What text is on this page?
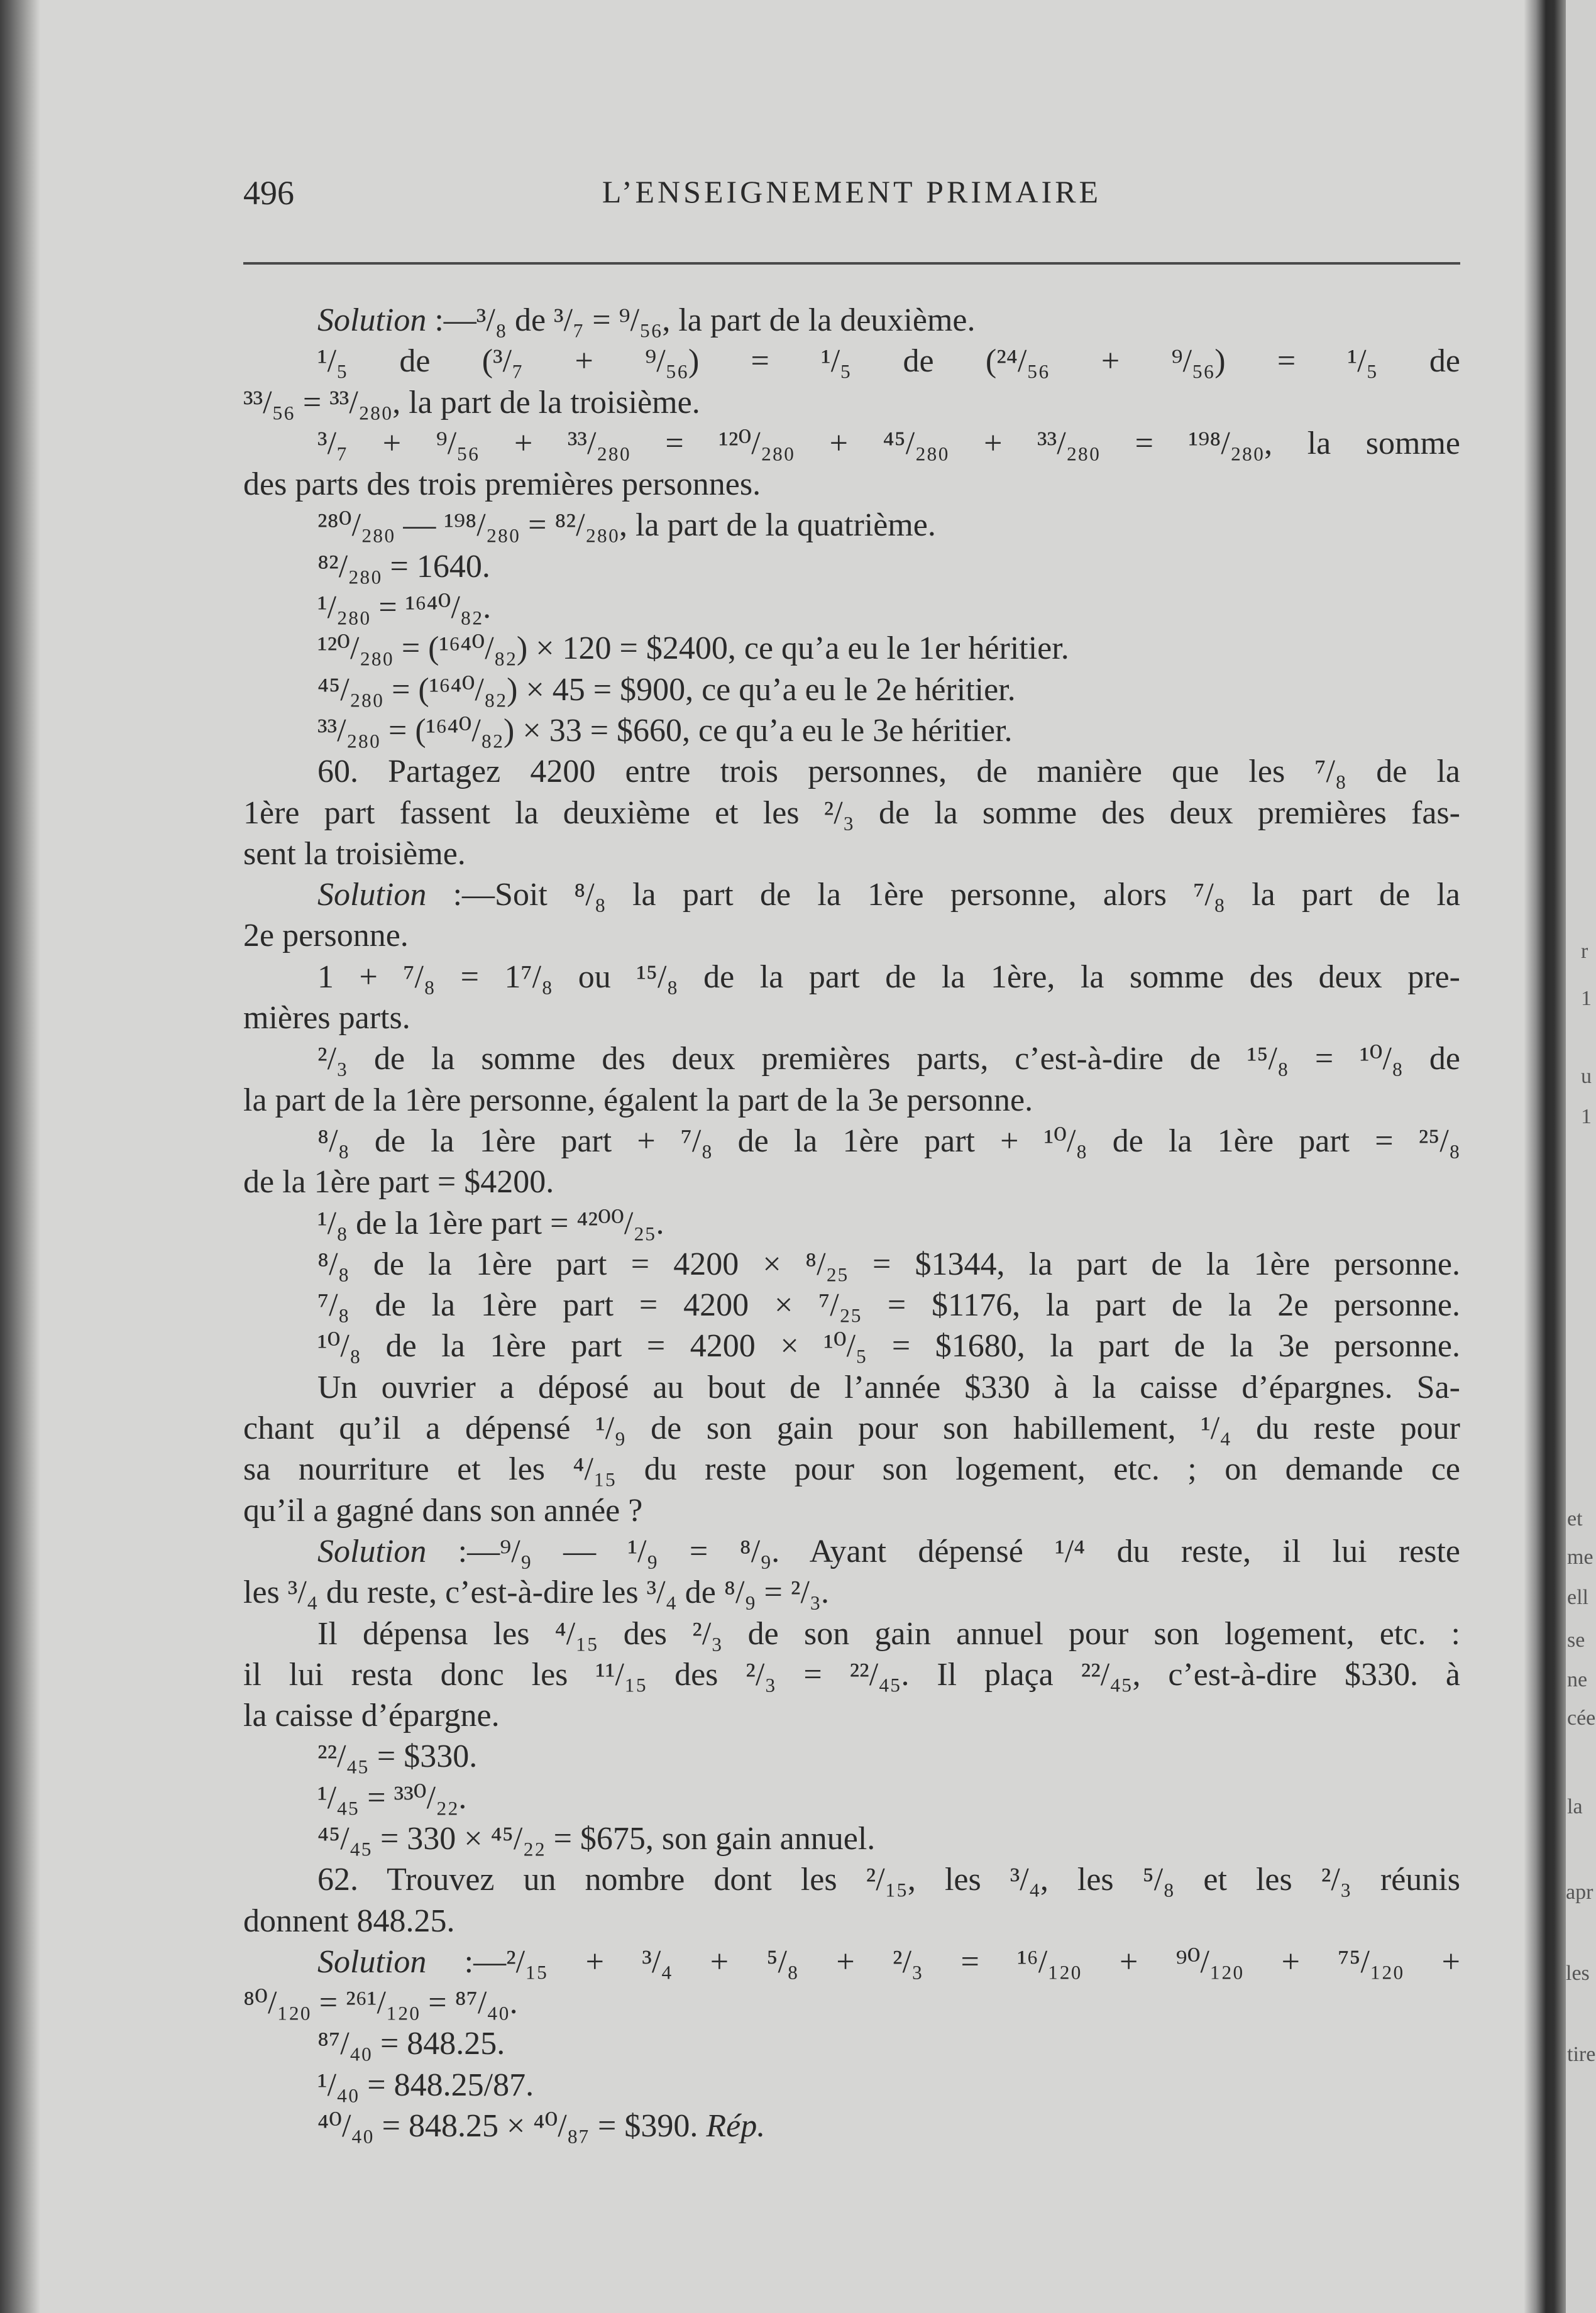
496	L’ENSEIGNEMENT PRIMAIRE
Solution :—³/₈ de ³/₇ = ⁹/₅₆, la part de la deuxième.
¹/₅ de (³/₇ + ⁹/₅₆) = ¹/₅ de (²⁴/₅₆ + ⁹/₅₆) = ¹/₅ de
³³/₅₆ = ³³/₂₈₀, la part de la troisième.
³/₇ + ⁹/₅₆ + ³³/₂₈₀ = ¹²⁰/₂₈₀ + ⁴⁵/₂₈₀ + ³³/₂₈₀ = ¹⁹⁸/₂₈₀, la somme
des parts des trois premières personnes.
²⁸⁰/₂₈₀ — ¹⁹⁸/₂₈₀ = ⁸²/₂₈₀, la part de la quatrième.
⁸²/₂₈₀ = 1640.
¹/₂₈₀ = ¹⁶⁴⁰/₈₂.
¹²⁰/₂₈₀ = (¹⁶⁴⁰/₈₂) × 120 = $2400, ce qu’a eu le 1er héritier.
⁴⁵/₂₈₀ = (¹⁶⁴⁰/₈₂) × 45 = $900, ce qu’a eu le 2e héritier.
³³/₂₈₀ = (¹⁶⁴⁰/₈₂) × 33 = $660, ce qu’a eu le 3e héritier.
60. Partagez 4200 entre trois personnes, de manière que les ⁷/₈ de la
1ère part fassent la deuxième et les ²/₃ de la somme des deux premières fas-
sent la troisième.
Solution :—Soit ⁸/₈ la part de la 1ère personne, alors ⁷/₈ la part de la
2e personne.
1 + ⁷/₈ = 1⁷/₈ ou ¹⁵/₈ de la part de la 1ère, la somme des deux pre-
mières parts.
²/₃ de la somme des deux premières parts, c’est-à-dire de ¹⁵/₈ = ¹⁰/₈ de
la part de la 1ère personne, égalent la part de la 3e personne.
⁸/₈ de la 1ère part + ⁷/₈ de la 1ère part + ¹⁰/₈ de la 1ère part = ²⁵/₈
de la 1ère part = $4200.
¹/₈ de la 1ère part = ⁴²⁰⁰/₂₅.
⁸/₈ de la 1ère part = 4200 × ⁸/₂₅ = $1344, la part de la 1ère personne.
⁷/₈ de la 1ère part = 4200 × ⁷/₂₅ = $1176, la part de la 2e personne.
¹⁰/₈ de la 1ère part = 4200 × ¹⁰/₅ = $1680, la part de la 3e personne.
Un ouvrier a déposé au bout de l’année $330 à la caisse d’épargnes. Sa-
chant qu’il a dépensé ¹/₉ de son gain pour son habillement, ¹/₄ du reste pour
sa nourriture et les ⁴/₁₅ du reste pour son logement, etc. ; on demande ce
qu’il a gagné dans son année ?
Solution :—⁹/₉ — ¹/₉ = ⁸/₉. Ayant dépensé ¹/⁴ du reste, il lui reste
les ³/₄ du reste, c’est-à-dire les ³/₄ de ⁸/₉ = ²/₃.
Il dépensa les ⁴/₁₅ des ²/₃ de son gain annuel pour son logement, etc. :
il lui resta donc les ¹¹/₁₅ des ²/₃ = ²²/₄₅. Il plaça ²²/₄₅, c’est-à-dire $330. à
la caisse d’épargne.
²²/₄₅ = $330.
¹/₄₅ = ³³⁰/₂₂.
⁴⁵/₄₅ = 330 × ⁴⁵/₂₂ = $675, son gain annuel.
62. Trouvez un nombre dont les ²/₁₅, les ³/₄, les ⁵/₈ et les ²/₃ réunis
donnent 848.25.
Solution :—²/₁₅ + ³/₄ + ⁵/₈ + ²/₃ = ¹⁶/₁₂₀ + ⁹⁰/₁₂₀ + ⁷⁵/₁₂₀ +
⁸⁰/₁₂₀ = ²⁶¹/₁₂₀ = ⁸⁷/₄₀.
⁸⁷/₄₀ = 848.25.
¹/₄₀ = 848.25/87.
⁴⁰/₄₀ = 848.25 × ⁴⁰/₈₇ = $390. Rép.
r
1
u
1
et
me
ell
se
ne
cée
la
apr
les
tire
